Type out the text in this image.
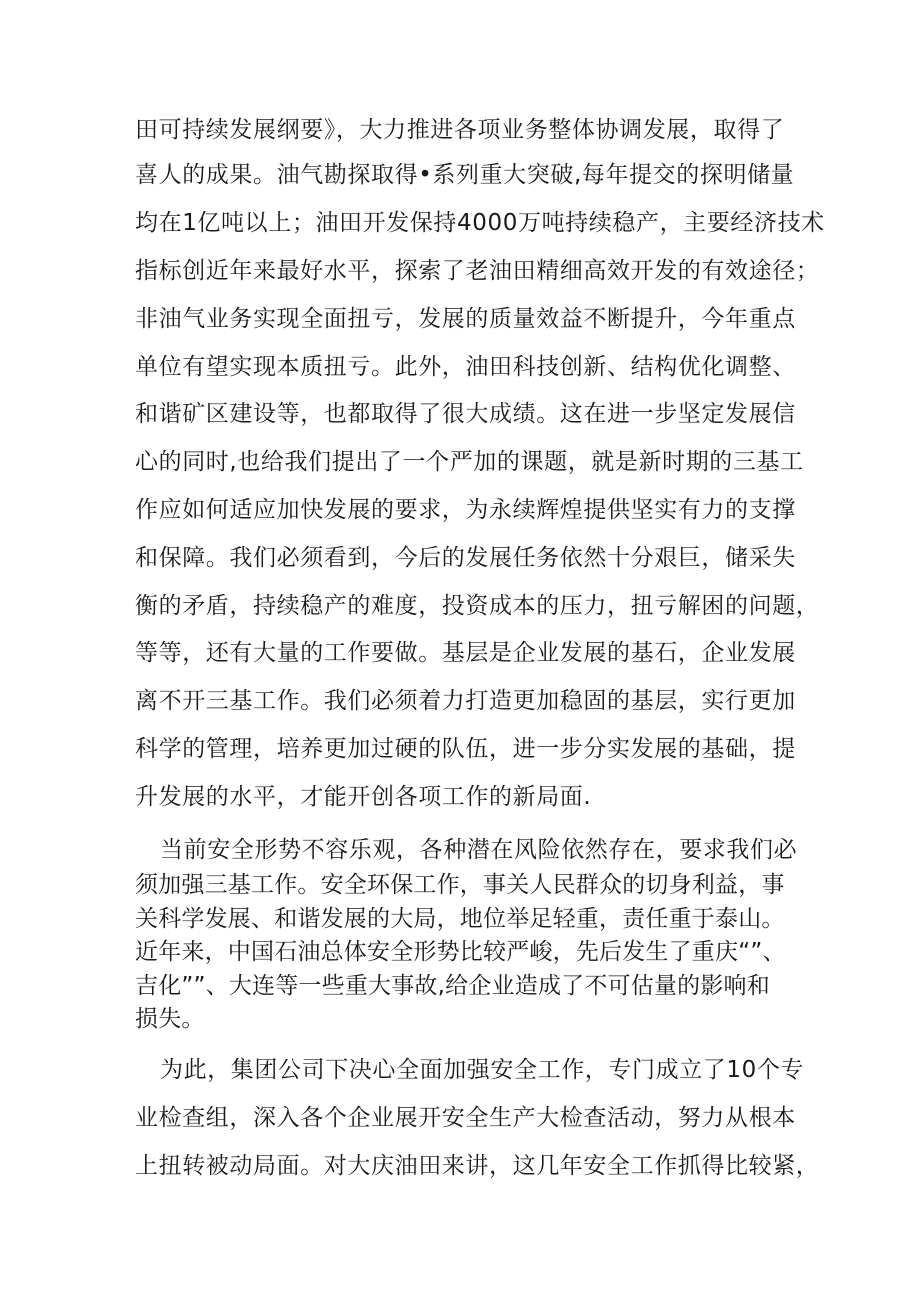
田可持续发展纲要》，大力推进各项业务整体协调发展，取得了
喜人的成果。油气勘探取得•系列重大突破,每年提交的探明储量
均在1亿吨以上；油田开发保持4000万吨持续稳产，主要经济技术
指标创近年来最好水平，探索了老油田精细高效开发的有效途径；
非油气业务实现全面扭亏，发展的质量效益不断提升，今年重点
单位有望实现本质扭亏。此外，油田科技创新、结构优化调整、
和谐矿区建设等，也都取得了很大成绩。这在进一步坚定发展信
心的同时,也给我们提出了一个严加的课题，就是新时期的三基工
作应如何适应加快发展的要求，为永续辉煌提供坚实有力的支撑
和保障。我们必须看到，今后的发展任务依然十分艰巨，储采失
衡的矛盾，持续稳产的难度，投资成本的压力，扭亏解困的问题，
等等，还有大量的工作要做。基层是企业发展的基石，企业发展
离不开三基工作。我们必须着力打造更加稳固的基层，实行更加
科学的管理，培养更加过硬的队伍，进一步分实发展的基础，提
升发展的水平，才能开创各项工作的新局面.
当前安全形势不容乐观，各种潜在风险依然存在，要求我们必
须加强三基工作。安全环保工作，事关人民群众的切身利益，事
关科学发展、和谐发展的大局，地位举足轻重，责任重于泰山。
近年来，中国石油总体安全形势比较严峻，先后发生了重庆“”、
吉化””、大连等一些重大事故,给企业造成了不可估量的影响和
损失。
为此，集团公司下决心全面加强安全工作，专门成立了10个专
业检查组，深入各个企业展开安全生产大检查活动，努力从根本
上扭转被动局面。对大庆油田来讲，这几年安全工作抓得比较紧，
